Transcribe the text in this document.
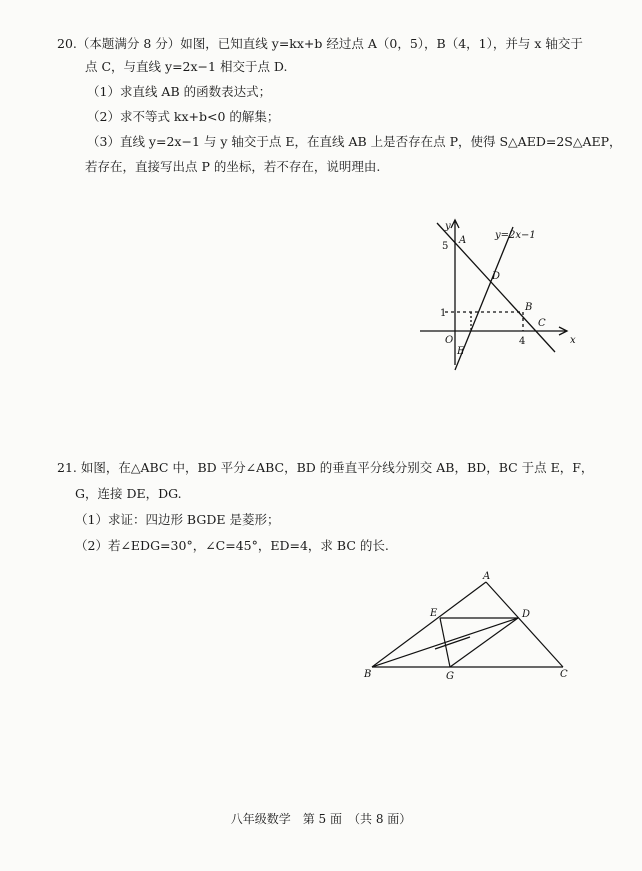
20.（本题满分 8 分）如图，已知直线 y=kx+b 经过点 A（0，5），B（4，1），并与 x 轴交于
点 C，与直线 y=2x−1 相交于点 D.
（1）求直线 AB 的函数表达式；
（2）求不等式 kx+b<0 的解集；
（3）直线 y=2x−1 与 y 轴交于点 E，在直线 AB 上是否存在点 P，使得 S△AED=2S△AEP，
若存在，直接写出点 P 的坐标，若不存在，说明理由.
y
x
O
5
1
4
A
B
C
D
E
y=2x−1
21. 如图，在△ABC 中，BD 平分∠ABC，BD 的垂直平分线分别交 AB，BD，BC 于点 E，F，
G，连接 DE，DG.
（1）求证：四边形 BGDE 是菱形；
（2）若∠EDG=30°，∠C=45°，ED=4，求 BC 的长.
A
B	C
D
E
G
八年级数学　第 5 面　（共 8 面）
